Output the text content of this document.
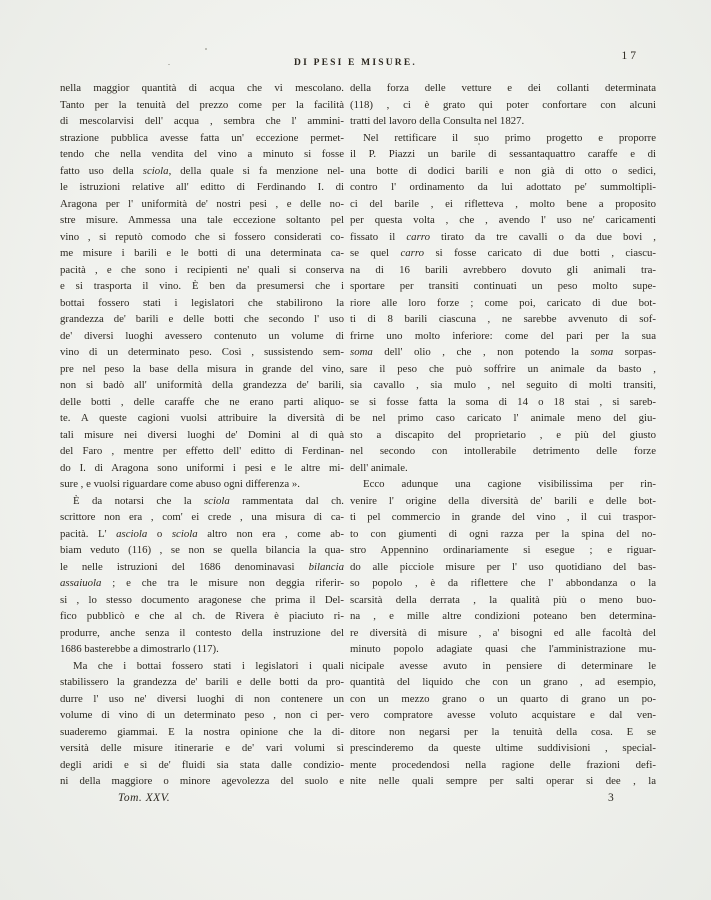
DI PESI E MISURE.
17
nella maggior quantità di acqua che vi mescolano.
Tanto per la tenuità del prezzo come per la facilità
di mescolarvisi dell' acqua , sembra che l' ammini-
strazione pubblica avesse fatta un' eccezione permet-
tendo che nella vendita del vino a minuto si fosse
fatto uso della sciola, della quale si fa menzione nel-
le istruzioni relative all' editto di Ferdinando I. di
Aragona per l' uniformità de' nostri pesi , e delle no-
stre misure. Ammessa una tale eccezione soltanto pel
vino , si reputò comodo che si fossero considerati co-
me misure i barili e le botti di una determinata ca-
pacità , e che sono i recipienti ne' quali si conserva
e si trasporta il vino. È ben da presumersi che i
bottai fossero stati i legislatori che stabilirono la
grandezza de' barili e delle botti che secondo l' uso
de' diversi luoghi avessero contenuto un volume di
vino di un determinato peso. Così , sussistendo sem-
pre nel peso la base della misura in grande del vino,
non si badò all' uniformità della grandezza de' barili,
delle botti , delle caraffe che ne erano parti aliquo-
te. A queste cagioni vuolsi attribuire la diversità di
tali misure nei diversi luoghi de' Domini al di quà
del Faro , mentre per effetto dell' editto di Ferdinan-
do I. di Aragona sono uniformi i pesi e le altre mi-
sure , e vuolsi riguardare come abuso ogni differenza ».
È da notarsi che la sciola rammentata dal ch.
scrittore non era , com' ei crede , una misura di ca-
pacità. L' asciola o sciola altro non era , come ab-
biam veduto (116) , se non se quella bilancia la qua-
le nelle istruzioni del 1686 denominavasi bilancia
assaiuola ; e che tra le misure non deggia riferir-
si , lo stesso documento aragonese che prima il Del-
fico pubblicò e che al ch. de Rivera è piaciuto ri-
produrre, anche senza il contesto della instruzione del
1686 basterebbe a dimostrarlo (117).
Ma che i bottai fossero stati i legislatori i quali
stabilissero la grandezza de' barili e delle botti da pro-
durre l' uso ne' diversi luoghi di non contenere un
volume di vino di un determinato peso , non ci per-
suaderemo giammai. E la nostra opinione che la di-
versità delle misure itinerarie e de' vari volumi sì
degli aridi e sì de' fluidi sia stata dalle condizio-
ni della maggiore o minore agevolezza del suolo e
Tom. XXV.
della forza delle vetture e dei collanti determinata
(118) , ci è grato qui poter confortare con alcuni
tratti del lavoro della Consulta nel 1827.
Nel rettificare il suo primo progetto e proporre
il P. Piazzi un barile di sessantaquattro caraffe e di
una botte di dodici barili e non già di otto o sedici,
contro l' ordinamento da lui adottato pe' summoltipli-
ci del barile , ei rifletteva , molto bene a proposito
per questa volta , che , avendo l' uso ne' caricamenti
fissato il carro tirato da tre cavalli o da due bovi ,
se quel carro si fosse caricato di due botti , ciascu-
na di 16 barili avrebbero dovuto gli animali tra-
sportare per transiti continuati un peso molto supe-
riore alle loro forze ; come poi, caricato di due bot-
ti di 8 barili ciascuna , ne sarebbe avvenuto di sof-
frirne uno molto inferiore: come del pari per la sua
soma dell' olio , che , non potendo la soma sorpas-
sare il peso che può soffrire un animale da basto ,
sia cavallo , sia mulo , nel seguito di molti transiti,
se si fosse fatta la soma di 14 o 18 stai , si sareb-
be nel primo caso caricato l' animale meno del giu-
sto a discapito del proprietario , e più del giusto
nel secondo con intollerabile detrimento delle forze
dell' animale.
Ecco adunque una cagione visibilissima per rin-
venire l' origine della diversità de' barili e delle bot-
ti pel commercio in grande del vino , il cui traspor-
to con giumenti di ogni razza per la spina del no-
stro Appennino ordinariamente si esegue ; e riguar-
do alle picciole misure per l' uso quotidiano del bas-
so popolo , è da riflettere che l' abbondanza o la
scarsità della derrata , la qualità più o meno buo-
na , e mille altre condizioni poteano ben determina-
re diversità di misure , a' bisogni ed alle facoltà del
minuto popolo adagiate quasi che l'amministrazione mu-
nicipale avesse avuto in pensiere di determinare le
quantità del liquido che con un grano , ad esempio,
con un mezzo grano o un quarto di grano un po-
vero compratore avesse voluto acquistare e dal ven-
ditore non negarsi per la tenuità della cosa. E se
prescinderemo da queste ultime suddivisioni , special-
mente procedendosi nella ragione delle frazioni defi-
nite nelle quali sempre per salti operar si dee , la
3
